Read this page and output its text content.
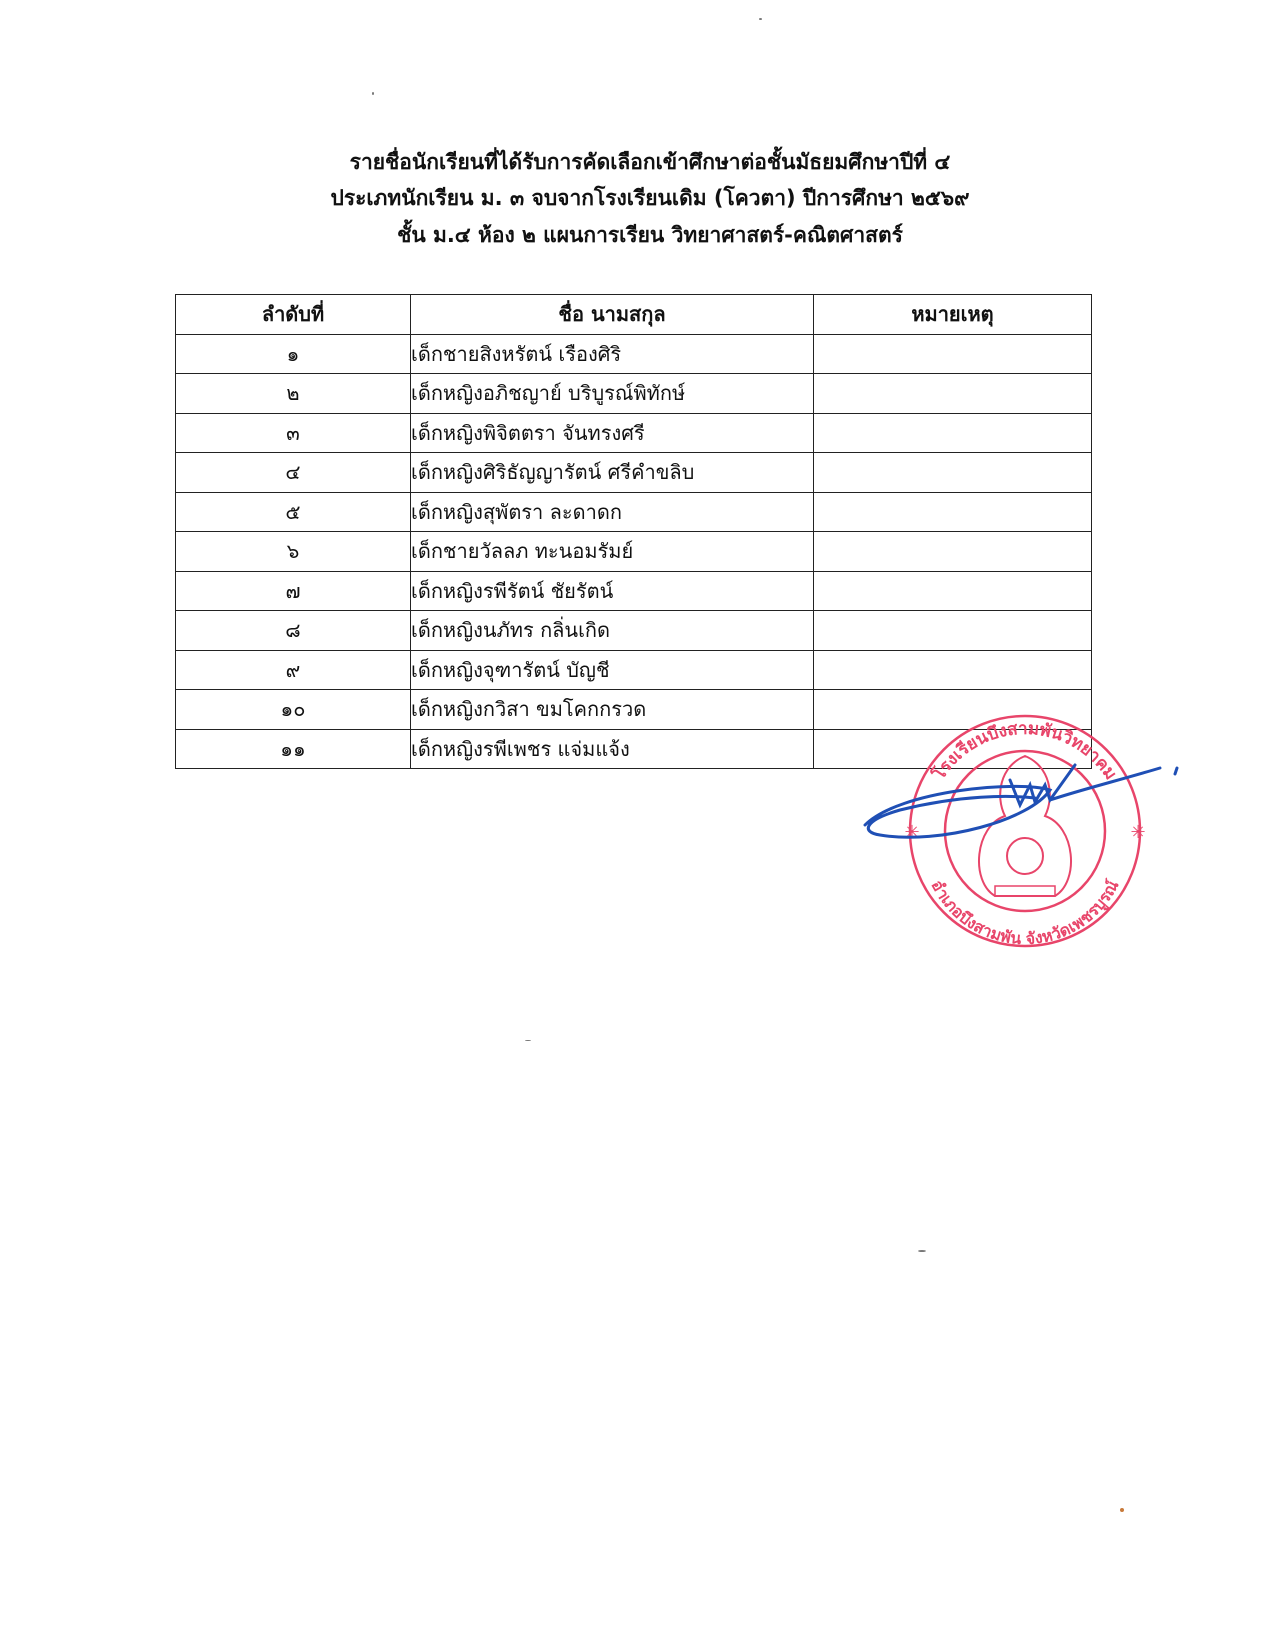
รายชื่อนักเรียนที่ได้รับการคัดเลือกเข้าศึกษาต่อชั้นมัธยมศึกษาปีที่ ๔
ประเภทนักเรียน ม. ๓ จบจากโรงเรียนเดิม (โควตา) ปีการศึกษา ๒๕๖๙
ชั้น ม.๔ ห้อง ๒ แผนการเรียน วิทยาศาสตร์-คณิตศาสตร์
ลำดับที่	ชื่อ นามสกุล	หมายเหตุ
๑	เด็กชายสิงหรัตน์ เรืองศิริ	
๒	เด็กหญิงอภิชญาย์ บริบูรณ์พิทักษ์	
๓	เด็กหญิงพิจิตตรา จันทรงศรี	
๔	เด็กหญิงศิริธัญญารัตน์ ศรีคำขลิบ	
๕	เด็กหญิงสุพัตรา ละดาดก	
๖	เด็กชายวัลลภ ทะนอมรัมย์	
๗	เด็กหญิงรพีรัตน์ ชัยรัตน์	
๘	เด็กหญิงนภัทร กลิ่นเกิด	
๙	เด็กหญิงจุฑารัตน์ บัญชี	
๑๐	เด็กหญิงกวิสา ขมโคกกรวด	
๑๑	เด็กหญิงรพีเพชร แจ่มแจ้ง	
โรงเรียนบึงสามพันวิทยาคม
อำเภอบึงสามพัน จังหวัดเพชรบูรณ์
✳	✳
